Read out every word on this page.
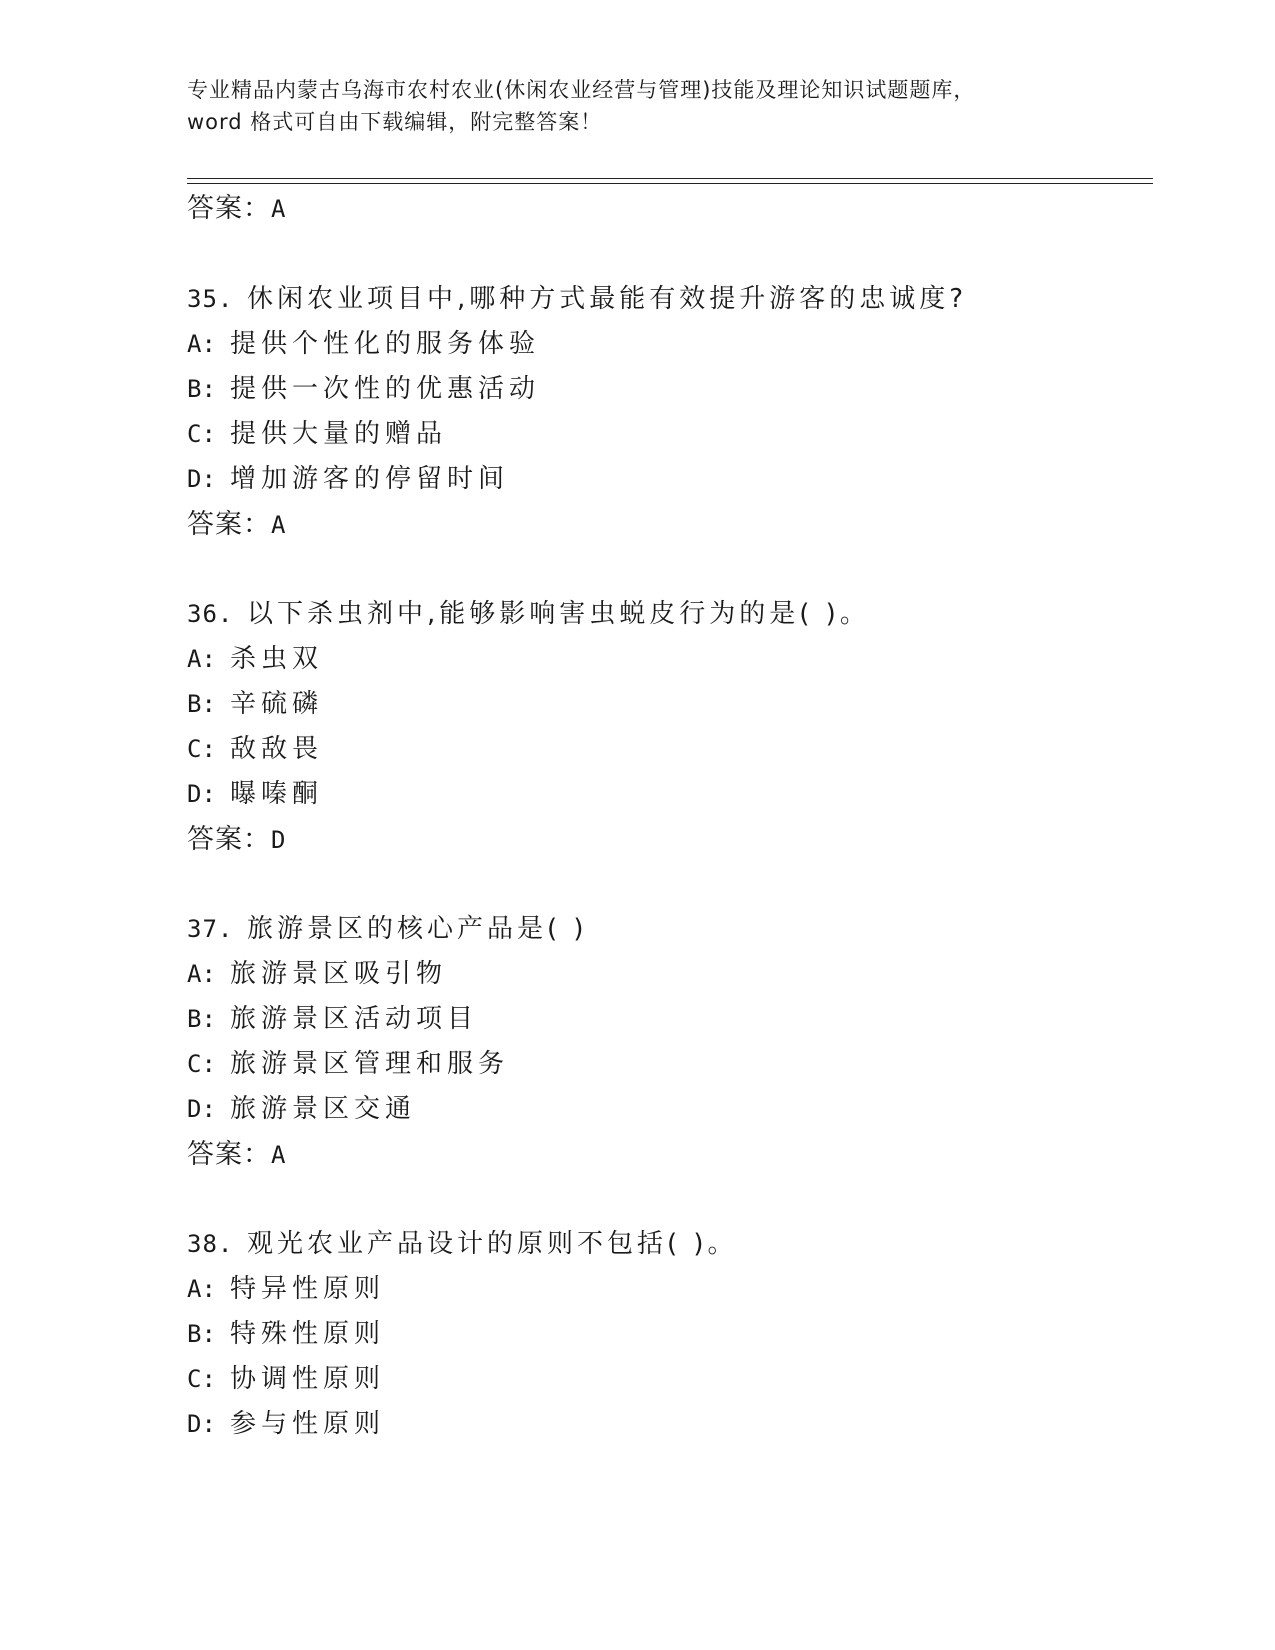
专业精品内蒙古乌海市农村农业(休闲农业经营与管理)技能及理论知识试题题库，
word 格式可自由下载编辑，附完整答案！
答案：A
35. 休闲农业项目中,哪种方式最能有效提升游客的忠诚度?
A: 提供个性化的服务体验
B: 提供一次性的优惠活动
C: 提供大量的赠品
D: 增加游客的停留时间
答案：A
36. 以下杀虫剂中,能够影响害虫蜕皮行为的是( )。
A: 杀虫双
B: 辛硫磷
C: 敌敌畏
D: 曝嗪酮
答案：D
37. 旅游景区的核心产品是( )
A: 旅游景区吸引物
B: 旅游景区活动项目
C: 旅游景区管理和服务
D: 旅游景区交通
答案：A
38. 观光农业产品设计的原则不包括( )。
A: 特异性原则
B: 特殊性原则
C: 协调性原则
D: 参与性原则
